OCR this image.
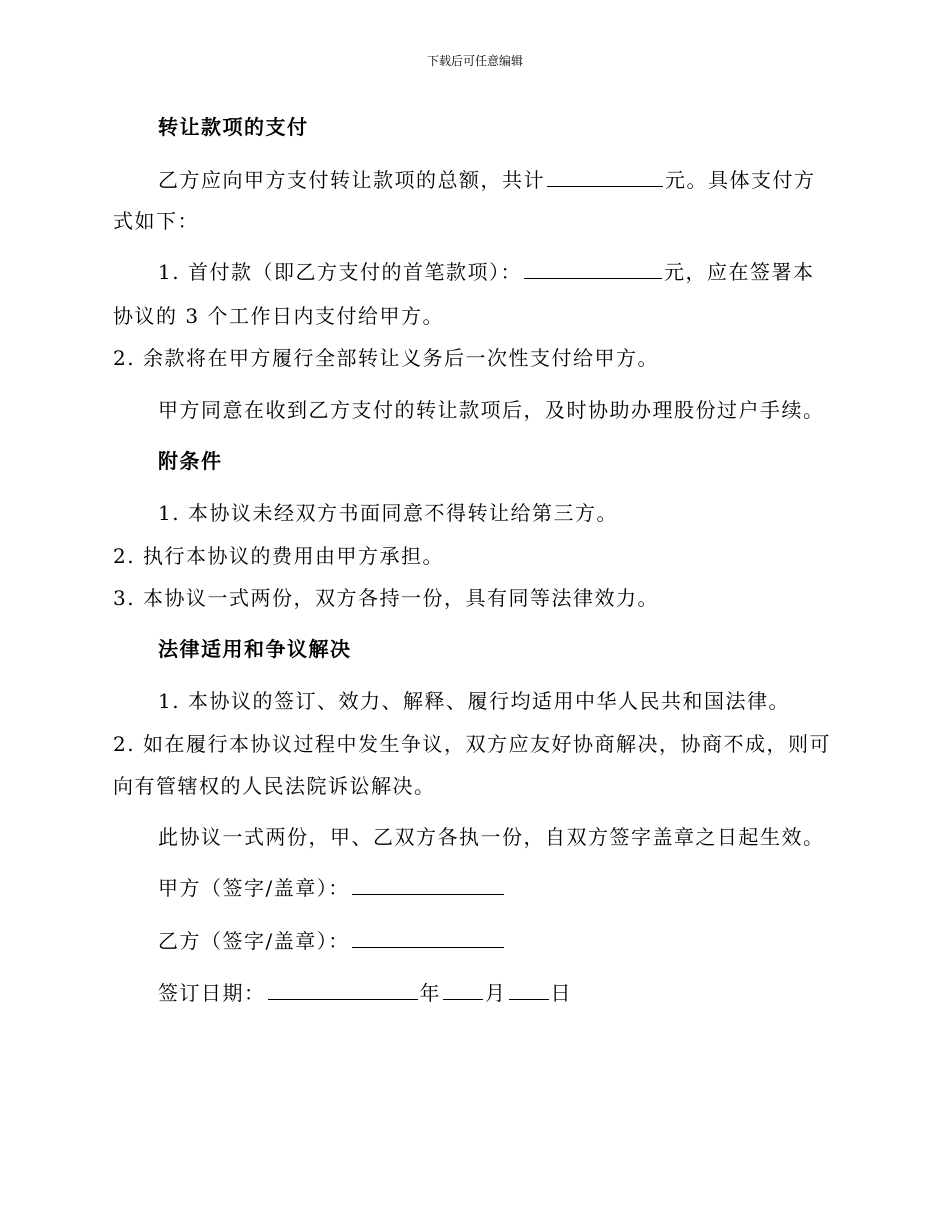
下载后可任意编辑
转让款项的支付
乙方应向甲方支付转让款项的总额，共计	元。具体支付方
式如下：
1. 首付款（即乙方支付的首笔款项）：	元，应在签署本
协议的 3 个工作日内支付给甲方。
2. 余款将在甲方履行全部转让义务后一次性支付给甲方。
甲方同意在收到乙方支付的转让款项后，及时协助办理股份过户手续。
附条件
1. 本协议未经双方书面同意不得转让给第三方。
2. 执行本协议的费用由甲方承担。
3. 本协议一式两份，双方各持一份，具有同等法律效力。
法律适用和争议解决
1. 本协议的签订、效力、解释、履行均适用中华人民共和国法律。
2. 如在履行本协议过程中发生争议，双方应友好协商解决，协商不成，则可
向有管辖权的人民法院诉讼解决。
此协议一式两份，甲、乙双方各执一份，自双方签字盖章之日起生效。
甲方（签字/盖章）：
乙方（签字/盖章）：
签订日期：	年 月 日
